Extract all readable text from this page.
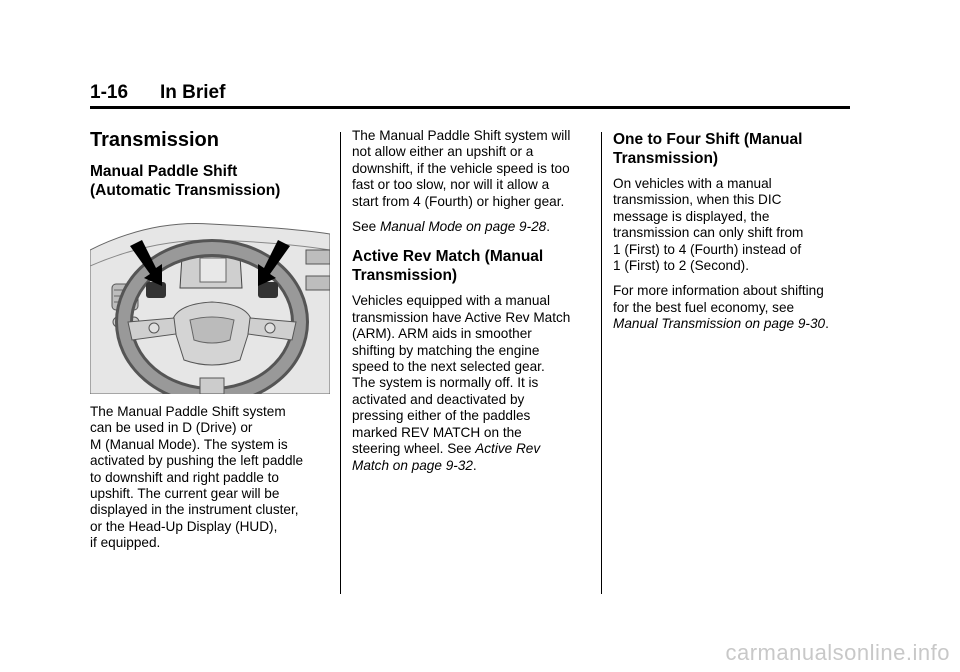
1-16 In Brief
Transmission
Manual Paddle Shift
(Automatic Transmission)

The Manual Paddle Shift system
can be used in D (Drive) or
M (Manual Mode). The system is
activated by pushing the left paddle
to downshift and right paddle to
upshift. The current gear will be
displayed in the instrument cluster,
or the Head-Up Display (HUD),
if equipped.

The Manual Paddle Shift system will
not allow either an upshift or a
downshift, if the vehicle speed is too
fast or too slow, nor will it allow a
start from 4 (Fourth) or higher gear.

See Manual Mode on page 9-28.

Active Rev Match (Manual
Transmission)

Vehicles equipped with a manual
transmission have Active Rev Match
(ARM). ARM aids in smoother
shifting by matching the engine
speed to the next selected gear.
The system is normally off. It is
activated and deactivated by
pressing either of the paddles
marked REV MATCH on the
steering wheel. See Active Rev
Match on page 9-32.

One to Four Shift (Manual
Transmission)

On vehicles with a manual
transmission, when this DIC
message is displayed, the
transmission can only shift from
1 (First) to 4 (Fourth) instead of
1 (First) to 2 (Second).

For more information about shifting
for the best fuel economy, see
Manual Transmission on page 9-30.

carmanualsonline.info
